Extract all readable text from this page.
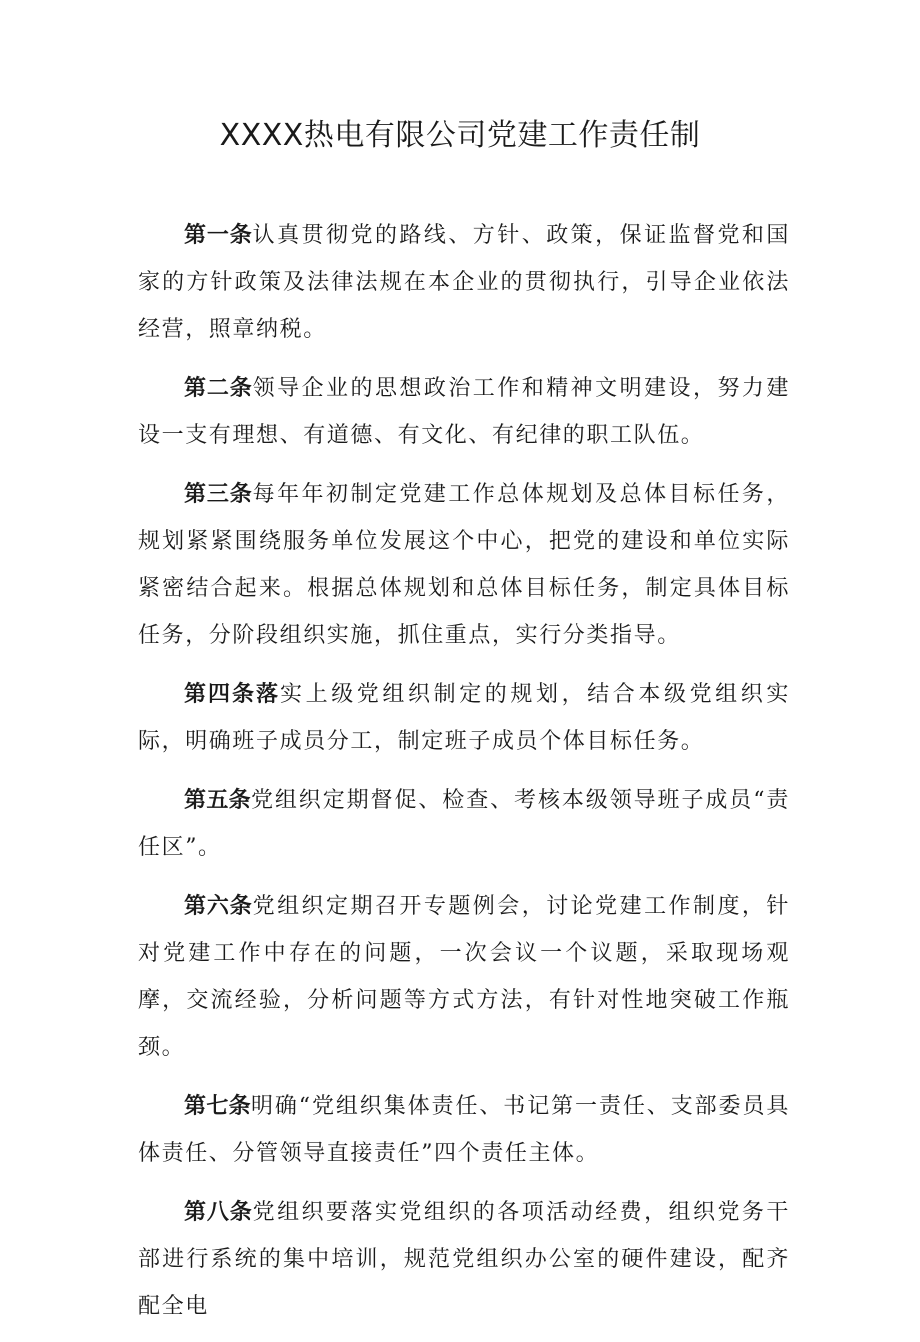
XXXX热电有限公司党建工作责任制

第一条认真贯彻党的路线、方针、政策，保证监督党和国家的方针政策及法律法规在本企业的贯彻执行，引导企业依法经营，照章纳税。

第二条领导企业的思想政治工作和精神文明建设，努力建设一支有理想、有道德、有文化、有纪律的职工队伍。

第三条每年年初制定党建工作总体规划及总体目标任务，规划紧紧围绕服务单位发展这个中心，把党的建设和单位实际紧密结合起来。根据总体规划和总体目标任务，制定具体目标任务，分阶段组织实施，抓住重点，实行分类指导。

第四条落实上级党组织制定的规划，结合本级党组织实际，明确班子成员分工，制定班子成员个体目标任务。

第五条党组织定期督促、检查、考核本级领导班子成员“责任区”。

第六条党组织定期召开专题例会，讨论党建工作制度，针对党建工作中存在的问题，一次会议一个议题，采取现场观摩，交流经验，分析问题等方式方法，有针对性地突破工作瓶颈。

第七条明确“党组织集体责任、书记第一责任、支部委员具体责任、分管领导直接责任”四个责任主体。

第八条党组织要落实党组织的各项活动经费，组织党务干部进行系统的集中培训，规范党组织办公室的硬件建设，配齐配全电
